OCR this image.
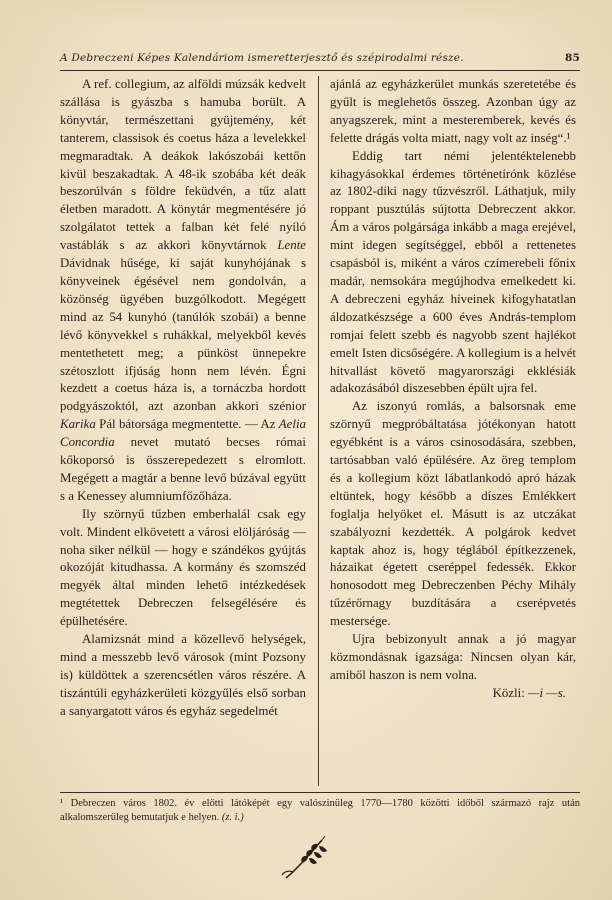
A Debreczeni Képes Kalendáriom ismeretterjesztő és szépirodalmi része.	85

A ref. collegium, az alföldi múzsák kedvelt szállása is gyászba s hamuba borült. A könyvtár, természettani gyüjtemény, két tanterem, classisok és coetus háza a levelekkel megmaradtak. A deákok lakószobái kettőn kivül beszakadtak. A 48-ik szobába két deák beszorúlván s földre feküdvén, a tűz alatt életben maradott. A könytár megmentésére jó szolgálatot tettek a falban két felé nyíló vastáblák s az akkori könyvtárnok Lente Dávidnak hűsége, ki saját kunyhójának s könyveinek égésével nem gondolván, a közönség ügyében buzgólkodott. Megégett mind az 54 kunyhó (tanúlók szobái) a benne lévő könyvekkel s ruhákkal, melyekből kevés mentethetett meg; a pünköst ünnepekre szétoszlott ifjúság honn nem lévén. Égni kezdett a coetus háza is, a tornáczba hordott podgyászoktól, azt azonban akkori szénior Karika Pál bátorsága megmentette. — Az Aelia Concordia nevet mutató becses római kőkoporsó is összerepedezett s elromlott. Megégett a magtár a benne levő búzával együtt s a Kenessey alumniumfőzőháza.

Ily szörnyű tűzben emberhalál csak egy volt. Mindent elkövetett a városi elöljáróság — noha siker nélkül — hogy e szándékos gyújtás okozóját kitudhassa. A kormány és szomszéd megyék által minden lehető intézkedések megtétettek Debreczen felsegélésére és épülhetésére.

Alamizsnát mind a közellevő helységek, mind a messzebb levő városok (mint Pozsony is) küldöttek a szerencsétlen város részére. A tiszántúli egyházkerületi közgyűlés első sorban a sanyargatott város és egyház segedelmét

ajánlá az egyházkerület munkás szeretetébe és gyűlt is meglehetős összeg. Azonban úgy az anyagszerek, mint a mesteremberek, kevés és felette drágás volta miatt, nagy volt az inség“.¹

Eddig tart némi jelentéktelenebb kihagyásokkal érdemes történetírónk közlése az 1802-diki nagy tűzvészről. Láthatjuk, mily roppant pusztúlás sújtotta Debreczent akkor. Ám a város polgársága inkább a maga erejével, mint idegen segítséggel, ebből a rettenetes csapásból is, miként a város czímerebeli főnix madár, nemsokára megújhodva emelkedett ki. A debreczeni egyház híveinek kifogyhatatlan áldozatkészsége a 600 éves András-templom romjai felett szebb és nagyobb szent hajlékot emelt Isten dicsőségére. A kollegium is a helvét hitvallást követő magyarországi ekklésiák adakozásából diszesebben épült ujra fel.

Az iszonyú romlás, a balsorsnak eme szörnyű megpróbáltatása jótékonyan hatott egyébként is a város csinosodására, szebben, tartósabban való épülésére. Az öreg templom és a kollegium közt lábatlankodó apró házak eltüntek, hogy később a díszes Emlékkert foglalja helyöket el. Másutt is az utczákat szabályozni kezdették. A polgárok kedvet kaptak ahoz is, hogy téglából építkezzenek, házaikat égetett cseréppel fedessék. Ekkor honosodott meg Debreczenben Péchy Mihály tűzérőrnagy buzdítására a cserépvetés mestersége.

Ujra bebizonyult annak a jó magyar közmondásnak igazsága: Nincsen olyan kár, amiből haszon is nem volna.

Közli: —i —s.

¹ Debreczen város 1802. év előtti látóképét egy valószinüleg 1770—1780 közötti időből származó rajz után alkalomszerüleg bemutatjuk e helyen. (z. i.)
